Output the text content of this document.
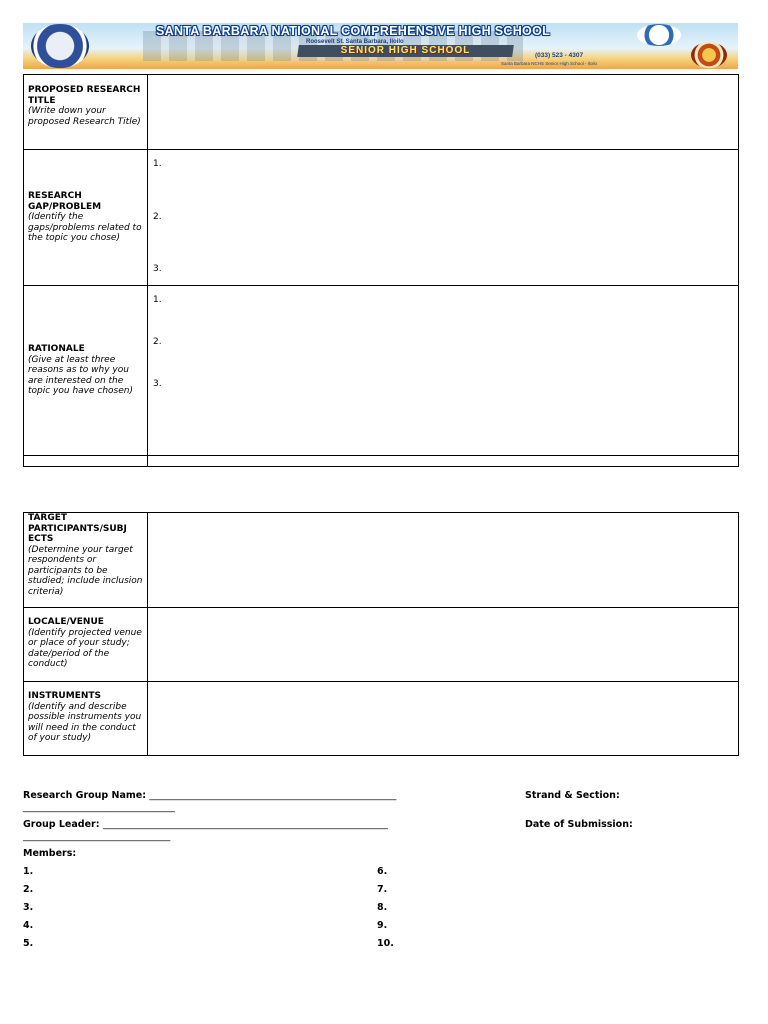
SANTA BARBARA NATIONAL COMPREHENSIVE HIGH SCHOOL
Roosevelt St. Santa Barbara, Iloilo
SENIOR HIGH SCHOOL	(033) 523 - 4307
Santa Barbara NCHS Senior High School - Iloilo
PROPOSED RESEARCH TITLE
(Write down your proposed Research Title)	

RESEARCH GAP/PROBLEM
(Identify the gaps/problems related to the topic you chose)	1.
2.
3.

RATIONALE
(Give at least three reasons as to why you are interested on the topic you have chosen)	1.
2.
3.

TARGET PARTICIPANTS/SUBJ ECTS
(Determine your target respondents or participants to be studied; include inclusion criteria)	

LOCALE/VENUE
(Identify projected venue or place of your study; date/period of the conduct)	

INSTRUMENTS
(Identify and describe possible instruments you will need in the conduct of your study)	

Research Group Name: ____________________________________________________
________________________________
Strand & Section:
Group Leader: ____________________________________________________________
_______________________________
Date of Submission:
Members:
1.
2.
3.
4.
5.
6.
7.
8.
9.
10.
